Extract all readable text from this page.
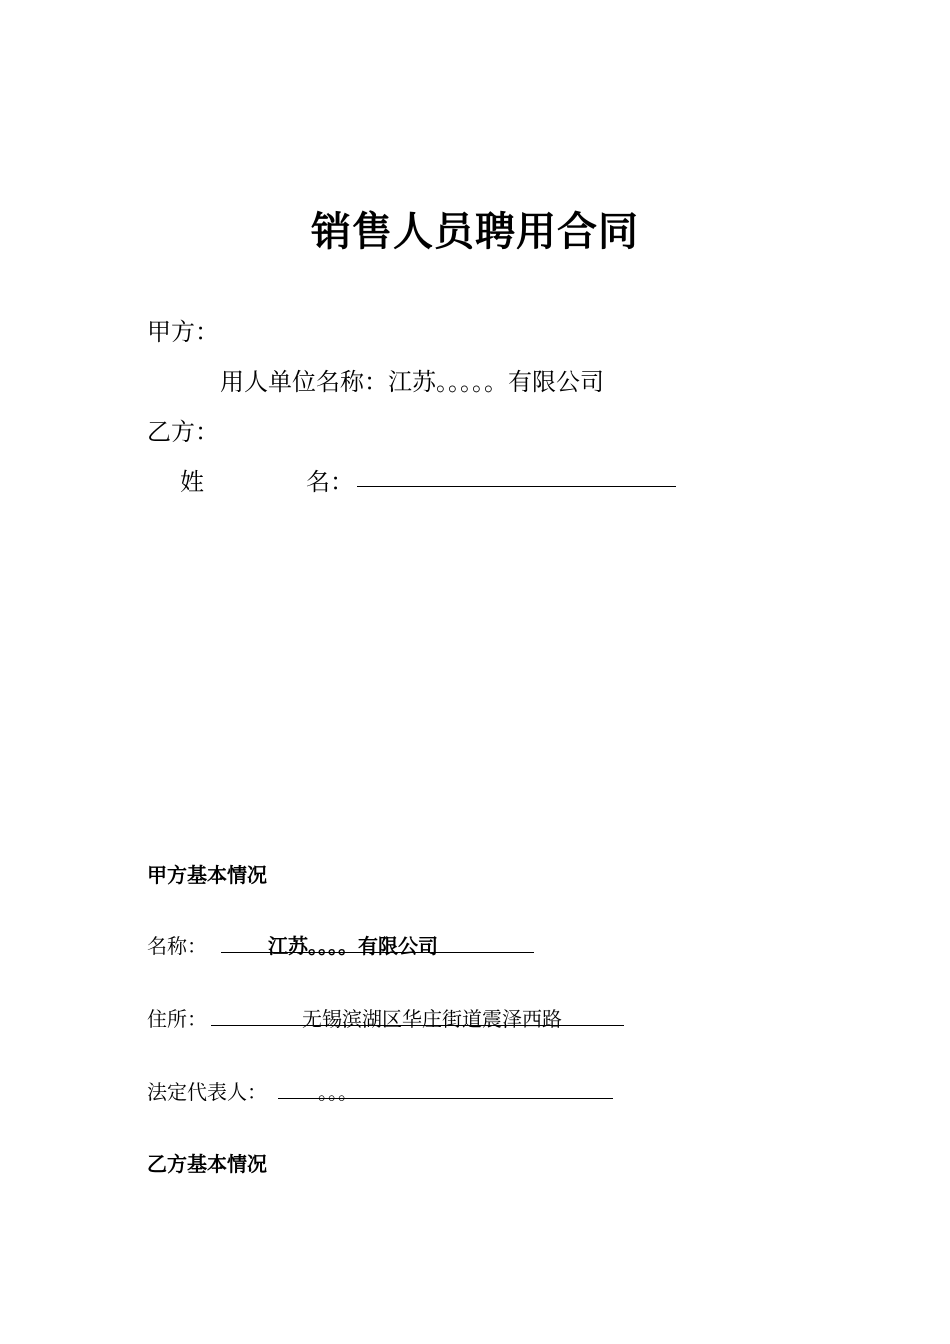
销售人员聘用合同
甲方：
用人单位名称：江苏。。。。。有限公司
乙方：
姓	名：
甲方基本情况
名称：	江苏。。。。有限公司
住所：	无锡滨湖区华庄街道震泽西路
法定代表人：	。。。
乙方基本情况
